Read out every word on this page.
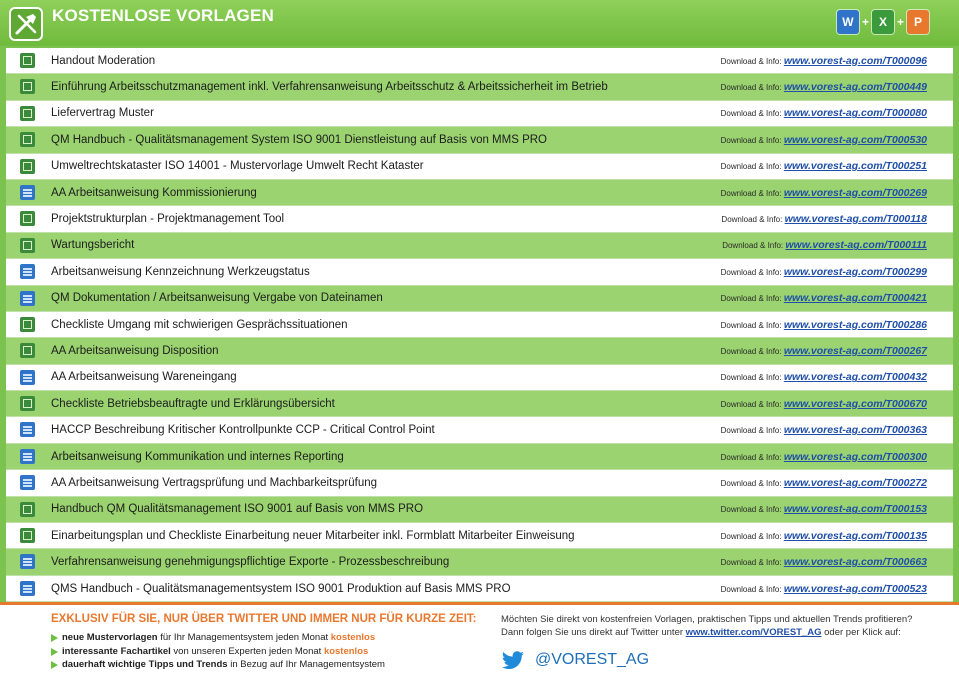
KOSTENLOSE VORLAGEN	W + X + P
Handout Moderation	Download & Info: www.vorest-ag.com/T000096
Einführung Arbeitsschutzmanagement inkl. Verfahrensanweisung Arbeitsschutz & Arbeitssicherheit im Betrieb	Download & Info: www.vorest-ag.com/T000449
Liefervertrag Muster	Download & Info: www.vorest-ag.com/T000080
QM Handbuch - Qualitätsmanagement System ISO 9001 Dienstleistung auf Basis von MMS PRO	Download & Info: www.vorest-ag.com/T000530
Umweltrechtskataster ISO 14001 - Mustervorlage Umwelt Recht Kataster	Download & Info: www.vorest-ag.com/T000251
AA Arbeitsanweisung Kommissionierung	Download & Info: www.vorest-ag.com/T000269
Projektstrukturplan - Projektmanagement Tool	Download & Info: www.vorest-ag.com/T000118
Wartungsbericht	Download & Info: www.vorest-ag.com/T000111
Arbeitsanweisung Kennzeichnung Werkzeugstatus	Download & Info: www.vorest-ag.com/T000299
QM Dokumentation / Arbeitsanweisung Vergabe von Dateinamen	Download & Info: www.vorest-ag.com/T000421
Checkliste Umgang mit schwierigen Gesprächssituationen	Download & Info: www.vorest-ag.com/T000286
AA Arbeitsanweisung Disposition	Download & Info: www.vorest-ag.com/T000267
AA Arbeitsanweisung Wareneingang	Download & Info: www.vorest-ag.com/T000432
Checkliste Betriebsbeauftragte und Erklärungsübersicht	Download & Info: www.vorest-ag.com/T000670
HACCP Beschreibung Kritischer Kontrollpunkte CCP - Critical Control Point	Download & Info: www.vorest-ag.com/T000363
Arbeitsanweisung Kommunikation und internes Reporting	Download & Info: www.vorest-ag.com/T000300
AA Arbeitsanweisung Vertragsprüfung und Machbarkeitsprüfung	Download & Info: www.vorest-ag.com/T000272
Handbuch QM Qualitätsmanagement ISO 9001 auf Basis von MMS PRO	Download & Info: www.vorest-ag.com/T000153
Einarbeitungsplan und Checkliste Einarbeitung neuer Mitarbeiter inkl. Formblatt Mitarbeiter Einweisung	Download & Info: www.vorest-ag.com/T000135
Verfahrensanweisung genehmigungspflichtige Exporte - Prozessbeschreibung	Download & Info: www.vorest-ag.com/T000663
QMS Handbuch - Qualitätsmanagementsystem ISO 9001 Produktion auf Basis MMS PRO	Download & Info: www.vorest-ag.com/T000523
EXKLUSIV FÜR SIE, NUR ÜBER TWITTER UND IMMER NUR FÜR KURZE ZEIT:
neue Mustervorlagen für Ihr Managementsystem jeden Monat kostenlos
interessante Fachartikel von unseren Experten jeden Monat kostenlos
dauerhaft wichtige Tipps und Trends in Bezug auf Ihr Managementsystem
Möchten Sie direkt von kostenfreien Vorlagen, praktischen Tipps und aktuellen Trends profitieren?
Dann folgen Sie uns direkt auf Twitter unter www.twitter.com/VOREST_AG oder per Klick auf:
@VOREST_AG
